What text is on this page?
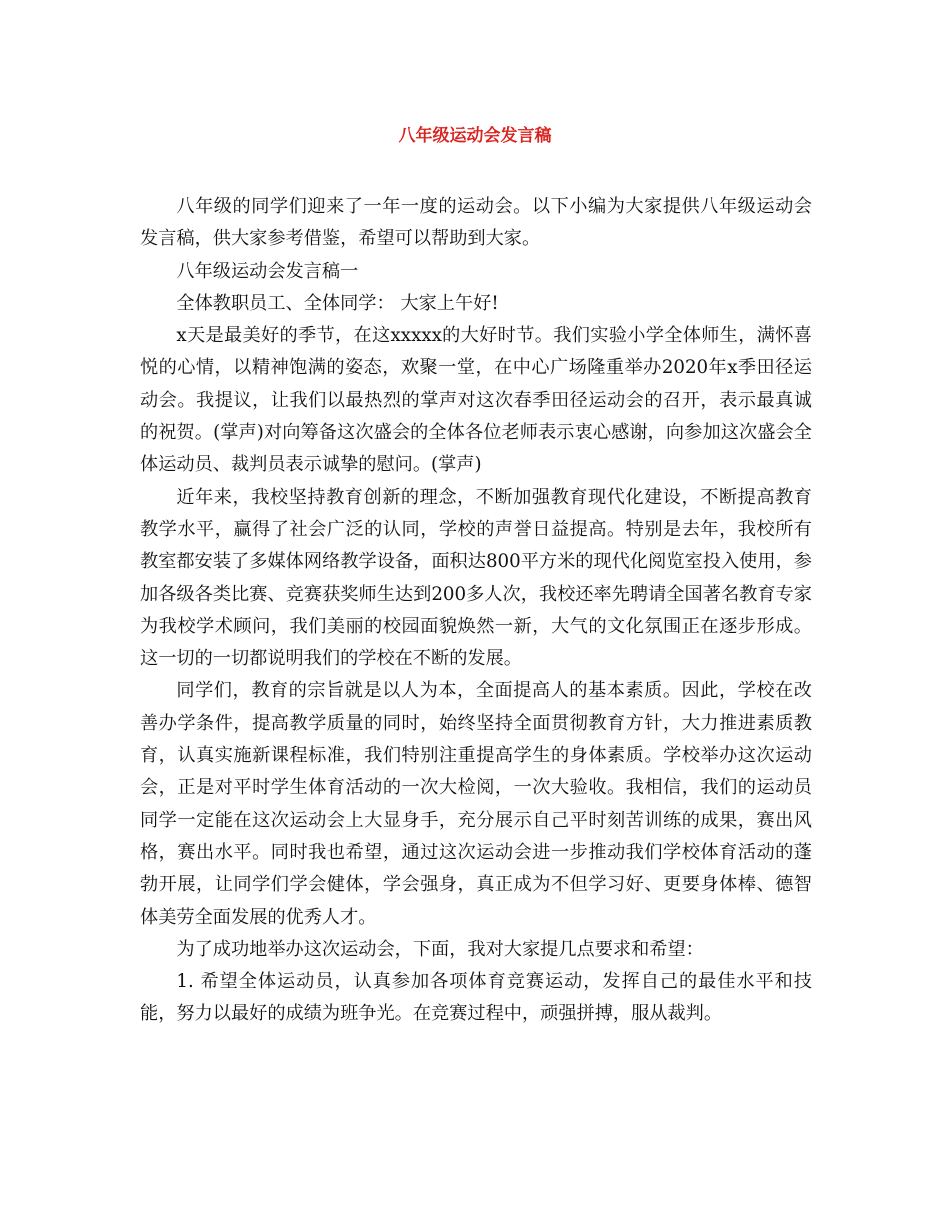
八年级运动会发言稿

八年级的同学们迎来了一年一度的运动会。以下小编为大家提供八年级运动会发言稿，供大家参考借鉴，希望可以帮助到大家。

八年级运动会发言稿一

全体教职员工、全体同学： 大家上午好!

x天是最美好的季节，在这xxxxx的大好时节。我们实验小学全体师生，满怀喜悦的心情，以精神饱满的姿态，欢聚一堂，在中心广场隆重举办2020年x季田径运动会。我提议，让我们以最热烈的掌声对这次春季田径运动会的召开，表示最真诚的祝贺。(掌声)对向筹备这次盛会的全体各位老师表示衷心感谢，向参加这次盛会全体运动员、裁判员表示诚挚的慰问。(掌声)

近年来，我校坚持教育创新的理念，不断加强教育现代化建设，不断提高教育教学水平，赢得了社会广泛的认同，学校的声誉日益提高。特别是去年，我校所有教室都安装了多媒体网络教学设备，面积达800平方米的现代化阅览室投入使用，参加各级各类比赛、竞赛获奖师生达到200多人次，我校还率先聘请全国著名教育专家为我校学术顾问，我们美丽的校园面貌焕然一新，大气的文化氛围正在逐步形成。这一切的一切都说明我们的学校在不断的发展。

同学们，教育的宗旨就是以人为本，全面提高人的基本素质。因此，学校在改善办学条件，提高教学质量的同时，始终坚持全面贯彻教育方针，大力推进素质教育，认真实施新课程标准，我们特别注重提高学生的身体素质。学校举办这次运动会，正是对平时学生体育活动的一次大检阅，一次大验收。我相信，我们的运动员同学一定能在这次运动会上大显身手，充分展示自己平时刻苦训练的成果，赛出风格，赛出水平。同时我也希望，通过这次运动会进一步推动我们学校体育活动的蓬勃开展，让同学们学会健体，学会强身，真正成为不但学习好、更要身体棒、德智体美劳全面发展的优秀人才。

为了成功地举办这次运动会，下面，我对大家提几点要求和希望：

1. 希望全体运动员，认真参加各项体育竞赛运动，发挥自己的最佳水平和技能，努力以最好的成绩为班争光。在竞赛过程中，顽强拼搏，服从裁判。
